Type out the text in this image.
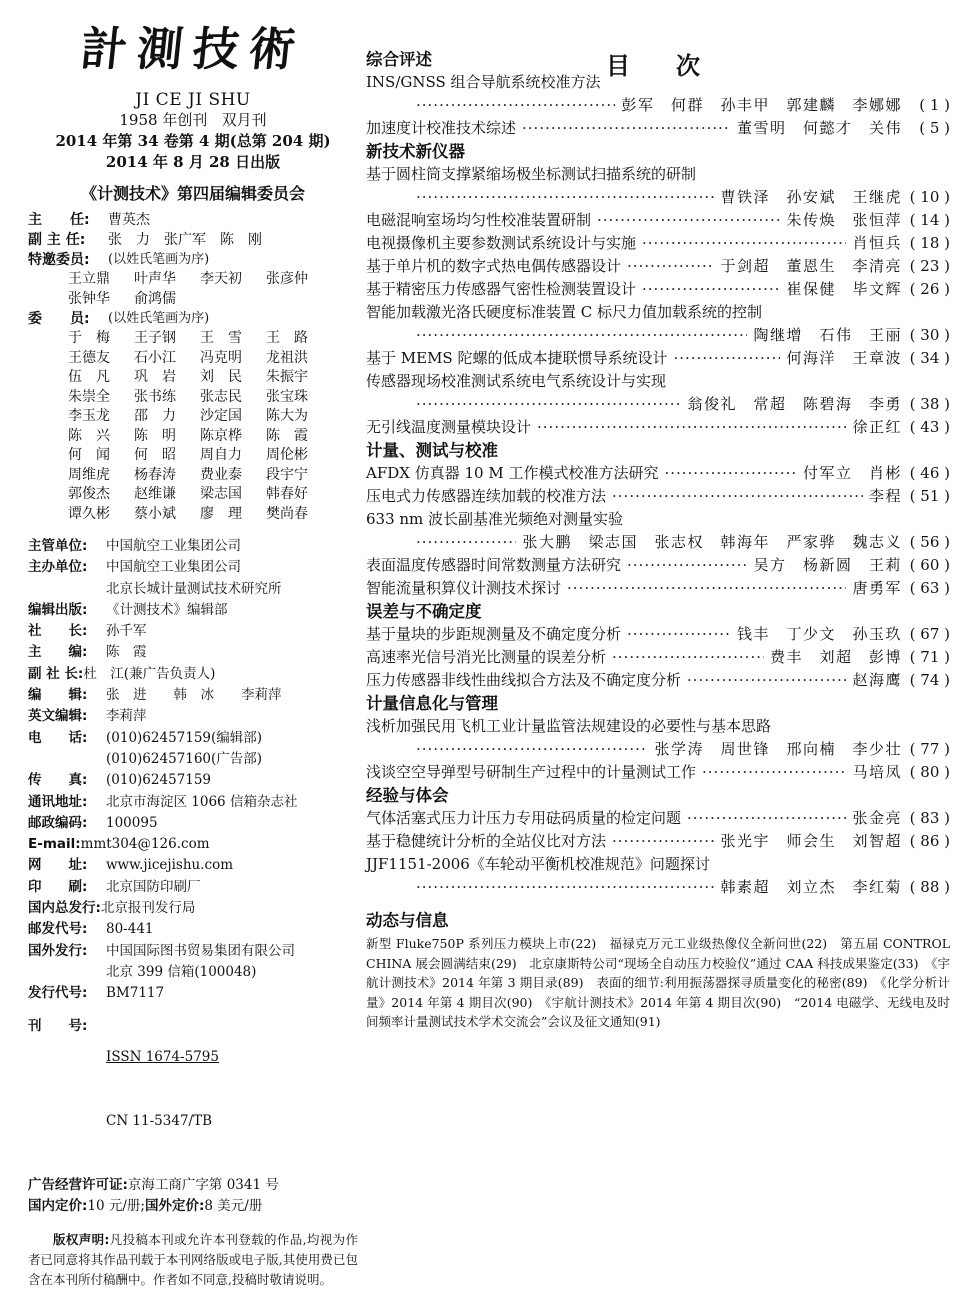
計測技術
JI CE JI SHU
1958 年创刊   双月刊
2014 年第 34 卷第 4 期(总第 204 期)
2014 年 8 月 28 日出版
《计测技术》第四届编辑委员会
主　　任:	曹英杰
副 主 任:	张　力　张广军　陈　刚
特邀委员:	(以姓氏笔画为序)
王立鼎	叶声华	李天初	张彦仲
张钟华	俞鸿儒
委　　员:	(以姓氏笔画为序)
于　梅	王子钢	王　雪	王　路
王德友	石小江	冯克明	龙祖洪
伍　凡	巩　岩	刘　民	朱振宇
朱崇全	张书练	张志民	张宝珠
李玉龙	邵　力	沙定国	陈大为
陈　兴	陈　明	陈京桦	陈　霞
何　闻	何　昭	周自力	周伦彬
周维虎	杨春涛	费业泰	段宇宁
郭俊杰	赵维谦	梁志国	韩春好
谭久彬	蔡小斌	廖　理	樊尚春
主管单位:	中国航空工业集团公司
主办单位:	中国航空工业集团公司
北京长城计量测试技术研究所
编辑出版:	《计测技术》编辑部
社　　长:	孙千军
主　　编:	陈　霞
副 社 长: 杜　江(兼广告负责人)
编　　辑:	张　进　　韩　冰　　李莉萍
英文编辑:	李莉萍
电　　话:	(010)62457159(编辑部)
(010)62457160(广告部)
传　　真:	(010)62457159
通讯地址:	北京市海淀区 1066 信箱杂志社
邮政编码:	100095
E-mail: mmt304@126.com
网　　址:	www.jicejishu.com
印　　刷:	北京国防印刷厂
国内总发行: 北京报刊发行局
邮发代号:	80-441
国外发行:	中国国际图书贸易集团有限公司
北京 399 信箱(100048)
发行代号:	BM7117
刊　　号:

ISSN 1674-5795

CN 11-5347/TB

广告经营许可证: 京海工商广字第 0341 号
国内定价: 10 元/册; 国外定价: 8 美元/册
版权声明:凡投稿本刊或允许本刊登载的作品,均视为作者已同意将其作品刊载于本刊网络版或电子版,其使用费已包含在本刊所付稿酬中。作者如不同意,投稿时敬请说明。
目次
综合评述
INS/GNSS 组合导航系统校准方法
·····
彭军　何群　孙丰甲　郭建麟　李娜娜	( 1 )
加速度计校准技术综述 ·····	董雪明　何懿才　关伟	( 5 )
新技术新仪器
基于圆柱筒支撑紧缩场极坐标测试扫描系统的研制
·····
曹铁泽　孙安斌　王继虎 ( 10 )
电磁混响室场均匀性校准装置研制 ·····	朱传焕　张恒萍 ( 14 )
电视摄像机主要参数测试系统设计与实施 ·····	肖恒兵 ( 18 )
基于单片机的数字式热电偶传感器设计 ·····	于剑超　董恩生　李清亮 ( 23 )
基于精密压力传感器气密性检测装置设计 ·····	崔保健　毕文辉 ( 26 )
智能加载激光洛氏硬度标准装置 C 标尺力值加载系统的控制
·····
陶继增　石伟　王丽 ( 30 )
基于 MEMS 陀螺的低成本捷联惯导系统设计 ·····	何海洋　王章波 ( 34 )
传感器现场校准测试系统电气系统设计与实现
·····
翁俊礼　常超　陈碧海　李勇 ( 38 )
无引线温度测量模块设计 ·····	徐正红 ( 43 )
计量、测试与校准
AFDX 仿真器 10 M 工作模式校准方法研究 ·····	付军立　肖彬 ( 46 )
压电式力传感器连续加载的校准方法 ·····	李程 ( 51 )
633 nm 波长副基准光频绝对测量实验
·····
张大鹏　梁志国　张志权　韩海年　严家骅　魏志义 ( 56 )
表面温度传感器时间常数测量方法研究 ·····	吴方　杨新圆　王莉 ( 60 )
智能流量积算仪计测技术探讨 ·····	唐勇军 ( 63 )
误差与不确定度
基于量块的步距规测量及不确定度分析 ·····	钱丰　丁少文　孙玉玖 ( 67 )
高速率光信号消光比测量的误差分析 ·····	费丰　刘超　彭博 ( 71 )
压力传感器非线性曲线拟合方法及不确定度分析 ·····	赵海鹰 ( 74 )
计量信息化与管理
浅析加强民用飞机工业计量监管法规建设的必要性与基本思路
·····
张学涛　周世锋　邢向楠　李少壮 ( 77 )
浅谈空空导弹型号研制生产过程中的计量测试工作 ·····	马培凤 ( 80 )
经验与体会
气体活塞式压力计压力专用砝码质量的检定问题 ·····	张金亮 ( 83 )
基于稳健统计分析的全站仪比对方法 ·····	张光宇　师会生　刘智超 ( 86 )
JJF1151-2006《车轮动平衡机校准规范》问题探讨
·····
韩素超　刘立杰　李红菊 ( 88 )
动态与信息
新型 Fluke750P 系列压力模块上市(22)　福禄克万元工业级热像仪全新问世(22)　第五届 CONTROL CHINA 展会圆满结束(29)　北京康斯特公司“现场全自动压力校验仪”通过 CAA 科技成果鉴定(33)　《宇航计测技术》2014 年第 3 期目录(89)　表面的细节:利用振荡器探寻质量变化的秘密(89)　《化学分析计量》2014 年第 4 期目次(90)　《宇航计测技术》2014 年第 4 期目次(90)　“2014 电磁学、无线电及时间频率计量测试技术学术交流会”会议及征文通知(91)
